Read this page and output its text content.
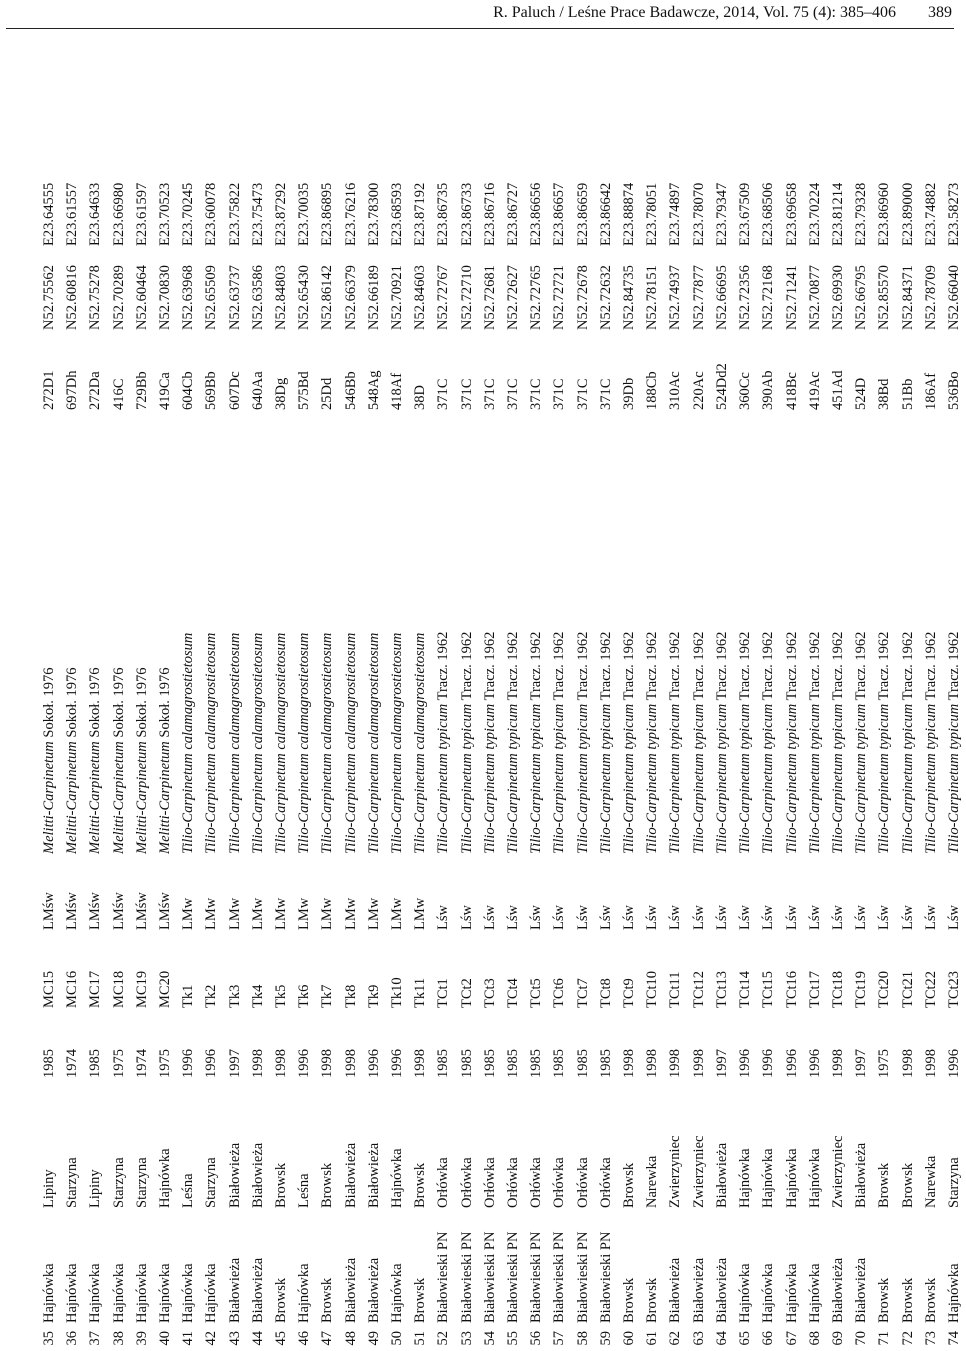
R. Paluch / Leśne Prace Badawcze, 2014, Vol. 75 (4): 385–406 389
35	Hajnówka	Lipiny	1985	MC15	LMśw	Melitti-Carpinetum Sokoł. 1976	272D1	N52.75562	E23.64555
36	Hajnówka	Starzyna	1974	MC16	LMśw	Melitti-Carpinetum Sokoł. 1976	697Dh	N52.60816	E23.61557
37	Hajnówka	Lipiny	1985	MC17	LMśw	Melitti-Carpinetum Sokoł. 1976	272Da	N52.75278	E23.64633
38	Hajnówka	Starzyna	1975	MC18	LMśw	Melitti-Carpinetum Sokoł. 1976	416C	N52.70289	E23.66980
39	Hajnówka	Starzyna	1974	MC19	LMśw	Melitti-Carpinetum Sokoł. 1976	729Bb	N52.60464	E23.61597
40	Hajnówka	Hajnówka	1975	MC20	LMśw	Melitti-Carpinetum Sokoł. 1976	419Ca	N52.70830	E23.70523
41	Hajnówka	Leśna	1996	Tk1	LMw	Tilio-Carpinetum calamagrostietosum	604Cb	N52.63968	E23.70245
42	Hajnówka	Starzyna	1996	Tk2	LMw	Tilio-Carpinetum calamagrostietosum	569Bb	N52.65509	E23.60078
43	Białowieża	Białowieża	1997	Tk3	LMw	Tilio-Carpinetum calamagrostietosum	607Dc	N52.63737	E23.75822
44	Białowieża	Białowieża	1998	Tk4	LMw	Tilio-Carpinetum calamagrostietosum	640Aa	N52.63586	E23.75473
45	Browsk	Browsk	1998	Tk5	LMw	Tilio-Carpinetum calamagrostietosum	38Dg	N52.84803	E23.87292
46	Hajnówka	Leśna	1996	Tk6	LMw	Tilio-Carpinetum calamagrostietosum	575Bd	N52.65430	E23.70035
47	Browsk	Browsk	1998	Tk7	LMw	Tilio-Carpinetum calamagrostietosum	25Dd	N52.86142	E23.86895
48	Białowieża	Białowieża	1998	Tk8	LMw	Tilio-Carpinetum calamagrostietosum	546Bb	N52.66379	E23.76216
49	Białowieża	Białowieża	1996	Tk9	LMw	Tilio-Carpinetum calamagrostietosum	548Ag	N52.66189	E23.78300
50	Hajnówka	Hajnówka	1996	Tk10	LMw	Tilio-Carpinetum calamagrostietosum	418Af	N52.70921	E23.68593
51	Browsk	Browsk	1998	Tk11	LMw	Tilio-Carpinetum calamagrostietosum	38D	N52.84603	E23.87192
52	Białowieski PN	Orłówka	1985	TCt1	Lśw	Tilio-Carpinetum typicum Tracz. 1962	371C	N52.72767	E23.86735
53	Białowieski PN	Orłówka	1985	TCt2	Lśw	Tilio-Carpinetum typicum Tracz. 1962	371C	N52.72710	E23.86733
54	Białowieski PN	Orłówka	1985	TCt3	Lśw	Tilio-Carpinetum typicum Tracz. 1962	371C	N52.72681	E23.86716
55	Białowieski PN	Orłówka	1985	TCt4	Lśw	Tilio-Carpinetum typicum Tracz. 1962	371C	N52.72627	E23.86727
56	Białowieski PN	Orłówka	1985	TCt5	Lśw	Tilio-Carpinetum typicum Tracz. 1962	371C	N52.72765	E23.86656
57	Białowieski PN	Orłówka	1985	TCt6	Lśw	Tilio-Carpinetum typicum Tracz. 1962	371C	N52.72721	E23.86657
58	Białowieski PN	Orłówka	1985	TCt7	Lśw	Tilio-Carpinetum typicum Tracz. 1962	371C	N52.72678	E23.86659
59	Białowieski PN	Orłówka	1985	TCt8	Lśw	Tilio-Carpinetum typicum Tracz. 1962	371C	N52.72632	E23.86642
60	Browsk	Browsk	1998	TCt9	Lśw	Tilio-Carpinetum typicum Tracz. 1962	39Db	N52.84735	E23.88874
61	Browsk	Narewka	1998	TCt10	Lśw	Tilio-Carpinetum typicum Tracz. 1962	188Cb	N52.78151	E23.78051
62	Białowieża	Zwierzyniec	1998	TCt11	Lśw	Tilio-Carpinetum typicum Tracz. 1962	310Ac	N52.74937	E23.74897
63	Białowieża	Zwierzyniec	1998	TCt12	Lśw	Tilio-Carpinetum typicum Tracz. 1962	220Ac	N52.77877	E23.78070
64	Białowieża	Białowieża	1997	TCt13	Lśw	Tilio-Carpinetum typicum Tracz. 1962	524Dd2	N52.66695	E23.79347
65	Hajnówka	Hajnówka	1996	TCt14	Lśw	Tilio-Carpinetum typicum Tracz. 1962	360Cc	N52.72356	E23.67509
66	Hajnówka	Hajnówka	1996	TCt15	Lśw	Tilio-Carpinetum typicum Tracz. 1962	390Ab	N52.72168	E23.68506
67	Hajnówka	Hajnówka	1996	TCt16	Lśw	Tilio-Carpinetum typicum Tracz. 1962	418Bc	N52.71241	E23.69658
68	Hajnówka	Hajnówka	1996	TCt17	Lśw	Tilio-Carpinetum typicum Tracz. 1962	419Ac	N52.70877	E23.70224
69	Białowieża	Zwierzyniec	1998	TCt18	Lśw	Tilio-Carpinetum typicum Tracz. 1962	451Ad	N52.69930	E23.81214
70	Białowieża	Białowieża	1997	TCt19	Lśw	Tilio-Carpinetum typicum Tracz. 1962	524D	N52.66795	E23.79328
71	Browsk	Browsk	1975	TCt20	Lśw	Tilio-Carpinetum typicum Tracz. 1962	38Bd	N52.85570	E23.86960
72	Browsk	Browsk	1998	TCt21	Lśw	Tilio-Carpinetum typicum Tracz. 1962	51Bb	N52.84371	E23.89000
73	Browsk	Narewka	1998	TCt22	Lśw	Tilio-Carpinetum typicum Tracz. 1962	186Af	N52.78709	E23.74882
74	Hajnówka	Starzyna	1996	TCt23	Lśw	Tilio-Carpinetum typicum Tracz. 1962	536Bo	N52.66040	E23.58273
